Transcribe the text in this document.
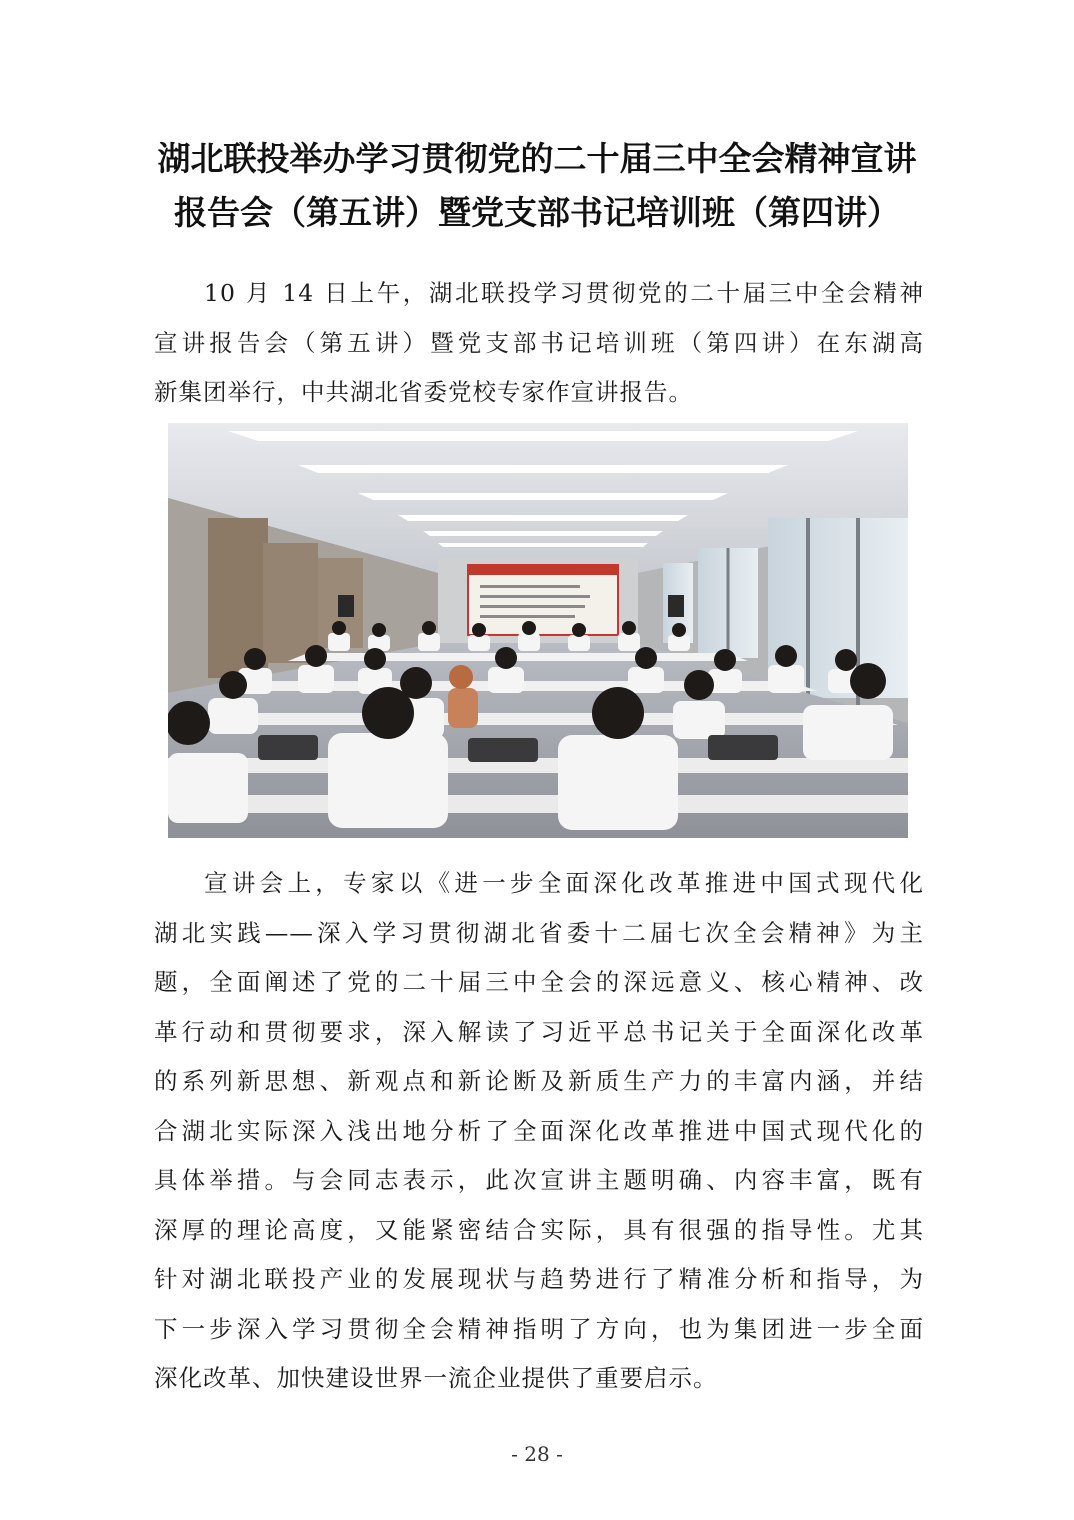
湖北联投举办学习贯彻党的二十届三中全会精神宣讲
报告会（第五讲）暨党支部书记培训班（第四讲）
10 月 14 日上午，湖北联投学习贯彻党的二十届三中全会精神
宣讲报告会（第五讲）暨党支部书记培训班（第四讲）在东湖高
新集团举行，中共湖北省委党校专家作宣讲报告。
宣讲会上，专家以《进一步全面深化改革推进中国式现代化
湖北实践——深入学习贯彻湖北省委十二届七次全会精神》为主
题，全面阐述了党的二十届三中全会的深远意义、核心精神、改
革行动和贯彻要求，深入解读了习近平总书记关于全面深化改革
的系列新思想、新观点和新论断及新质生产力的丰富内涵，并结
合湖北实际深入浅出地分析了全面深化改革推进中国式现代化的
具体举措。与会同志表示，此次宣讲主题明确、内容丰富，既有
深厚的理论高度，又能紧密结合实际，具有很强的指导性。尤其
针对湖北联投产业的发展现状与趋势进行了精准分析和指导，为
下一步深入学习贯彻全会精神指明了方向，也为集团进一步全面
深化改革、加快建设世界一流企业提供了重要启示。
- 28 -
